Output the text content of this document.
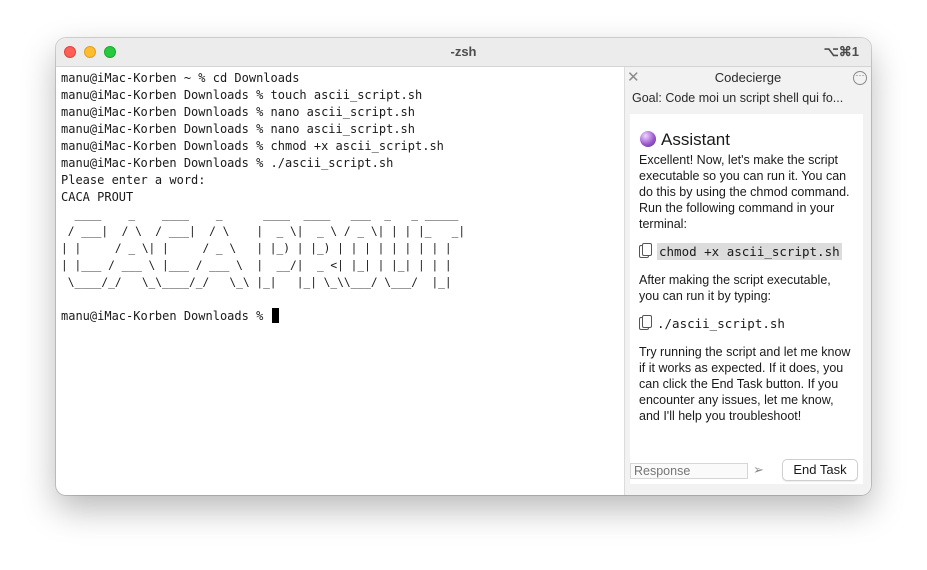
-zsh	⌥⌘1
manu@iMac-Korben ~ % cd Downloads
manu@iMac-Korben Downloads % touch ascii_script.sh
manu@iMac-Korben Downloads % nano ascii_script.sh
manu@iMac-Korben Downloads % nano ascii_script.sh
manu@iMac-Korben Downloads % chmod +x ascii_script.sh
manu@iMac-Korben Downloads % ./ascii_script.sh
Please enter a word:
CACA PROUT
____    _    ____    _      ____  ____   ___  _   _ _____
/ ___|  / \  / ___|  / \    |  _ \|  _ \ / _ \| | | |_   _|
| |     / _ \| |     / _ \   | |_) | |_) | | | | | | | | |
| |___ / ___ \ |___ / ___ \  |  __/|  _ <| |_| | |_| | | |
\____/_/   \_\____/_/   \_\ |_|   |_| \_\\___/ \___/  |_|
manu@iMac-Korben Downloads %
✕	Codecierge	···
Goal: Code moi un script shell qui fo...
Assistant

Excellent! Now, let's make the script executable so you can run it. You can do this by using the chmod command. Run the following command in your terminal:

chmod +x ascii_script.sh

After making the script executable, you can run it by typing:

./ascii_script.sh

Try running the script and let me know if it works as expected. If it does, you can click the End Task button. If you encounter any issues, let me know, and I'll help you troubleshoot!

Response
➢	End Task
